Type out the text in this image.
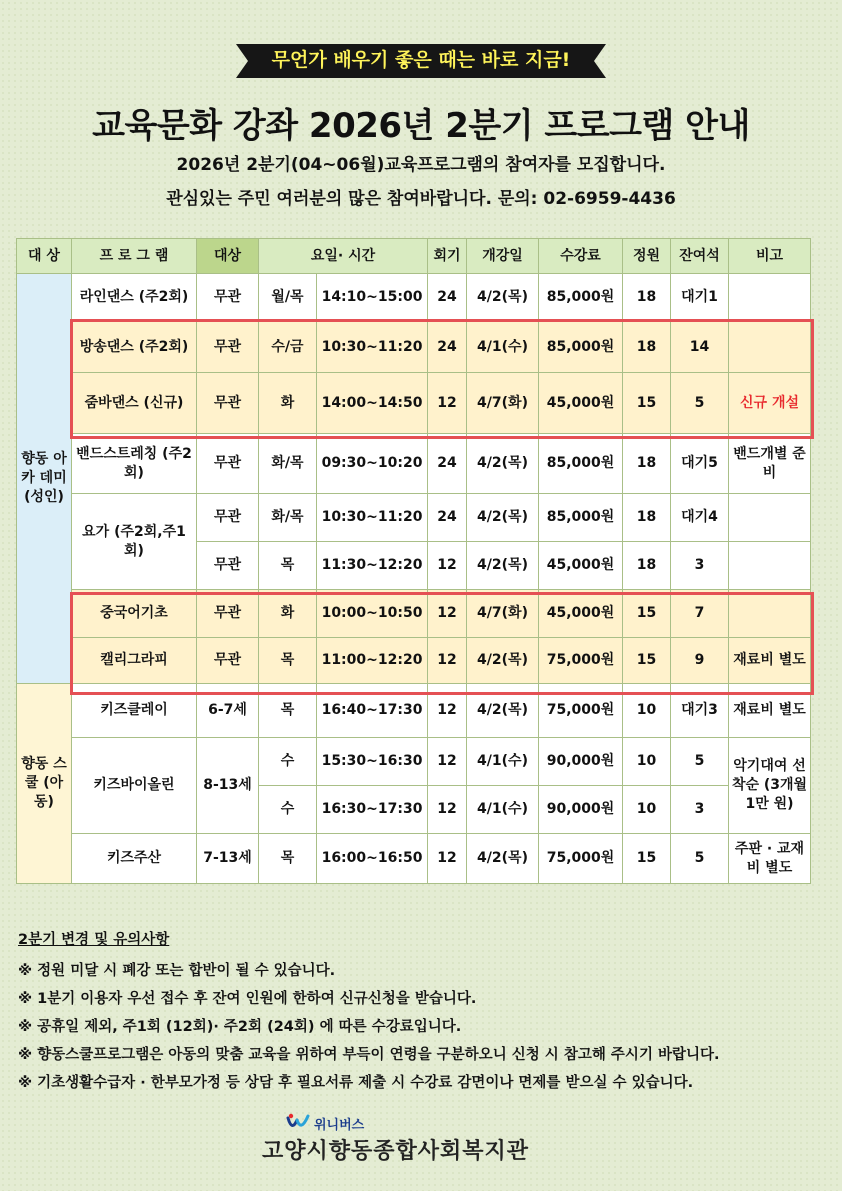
무언가 배우기 좋은 때는 바로 지금!
교육문화 강좌 2026년 2분기 프로그램 안내
2026년 2분기(04~06월)교육프로그램의 참여자를 모집합니다.
관심있는 주민 여러분의 많은 참여바랍니다. 문의: 02-6959-4436
대 상	프 로 그 램	대상	요일· 시간		회기	개강일	수강료	정원	잔여석	비고
향동 아카 데미 (성인)	라인댄스 (주2회)	무관	월/목	14:10~15:00	24	4/2(목)	85,000원	18	대기1	
	방송댄스 (주2회)	무관	수/금	10:30~11:20	24	4/1(수)	85,000원	18	14	
	줌바댄스 (신규)	무관	화	14:00~14:50	12	4/7(화)	45,000원	15	5	신규 개설
	밴드스트레칭 (주2회)	무관	화/목	09:30~10:20	24	4/2(목)	85,000원	18	대기5	밴드개별 준비
	요가 (주2회,주1회)	무관	화/목	10:30~11:20	24	4/2(목)	85,000원	18	대기4	
		무관	목	11:30~12:20	12	4/2(목)	45,000원	18	3	
	중국어기초	무관	화	10:00~10:50	12	4/7(화)	45,000원	15	7	
	캘리그라피	무관	목	11:00~12:20	12	4/2(목)	75,000원	15	9	재료비 별도
향동 스쿨 (아동)	키즈클레이	6-7세	목	16:40~17:30	12	4/2(목)	75,000원	10	대기3	재료비 별도
	키즈바이올린	8-13세	수	15:30~16:30	12	4/1(수)	90,000원	10	5	악기대여 선착순 (3개월1만 원)
			수	16:30~17:30	12	4/1(수)	90,000원	10	3	
	키즈주산	7-13세	목	16:00~16:50	12	4/2(목)	75,000원	15	5	주판 · 교재비 별도
2분기 변경 및 유의사항
※ 정원 미달 시 폐강 또는 합반이 될 수 있습니다.
※ 1분기 이용자 우선 접수 후 잔여 인원에 한하여 신규신청을 받습니다.
※ 공휴일 제외, 주1회 (12회)· 주2회 (24회) 에 따른 수강료입니다.
※ 향동스쿨프로그램은 아동의 맞춤 교육을 위하여 부득이 연령을 구분하오니 신청 시 참고해 주시기 바랍니다.
※ 기초생활수급자 · 한부모가정 등 상담 후 필요서류 제출 시 수강료 감면이나 면제를 받으실 수 있습니다.
위니버스
고양시향동종합사회복지관
